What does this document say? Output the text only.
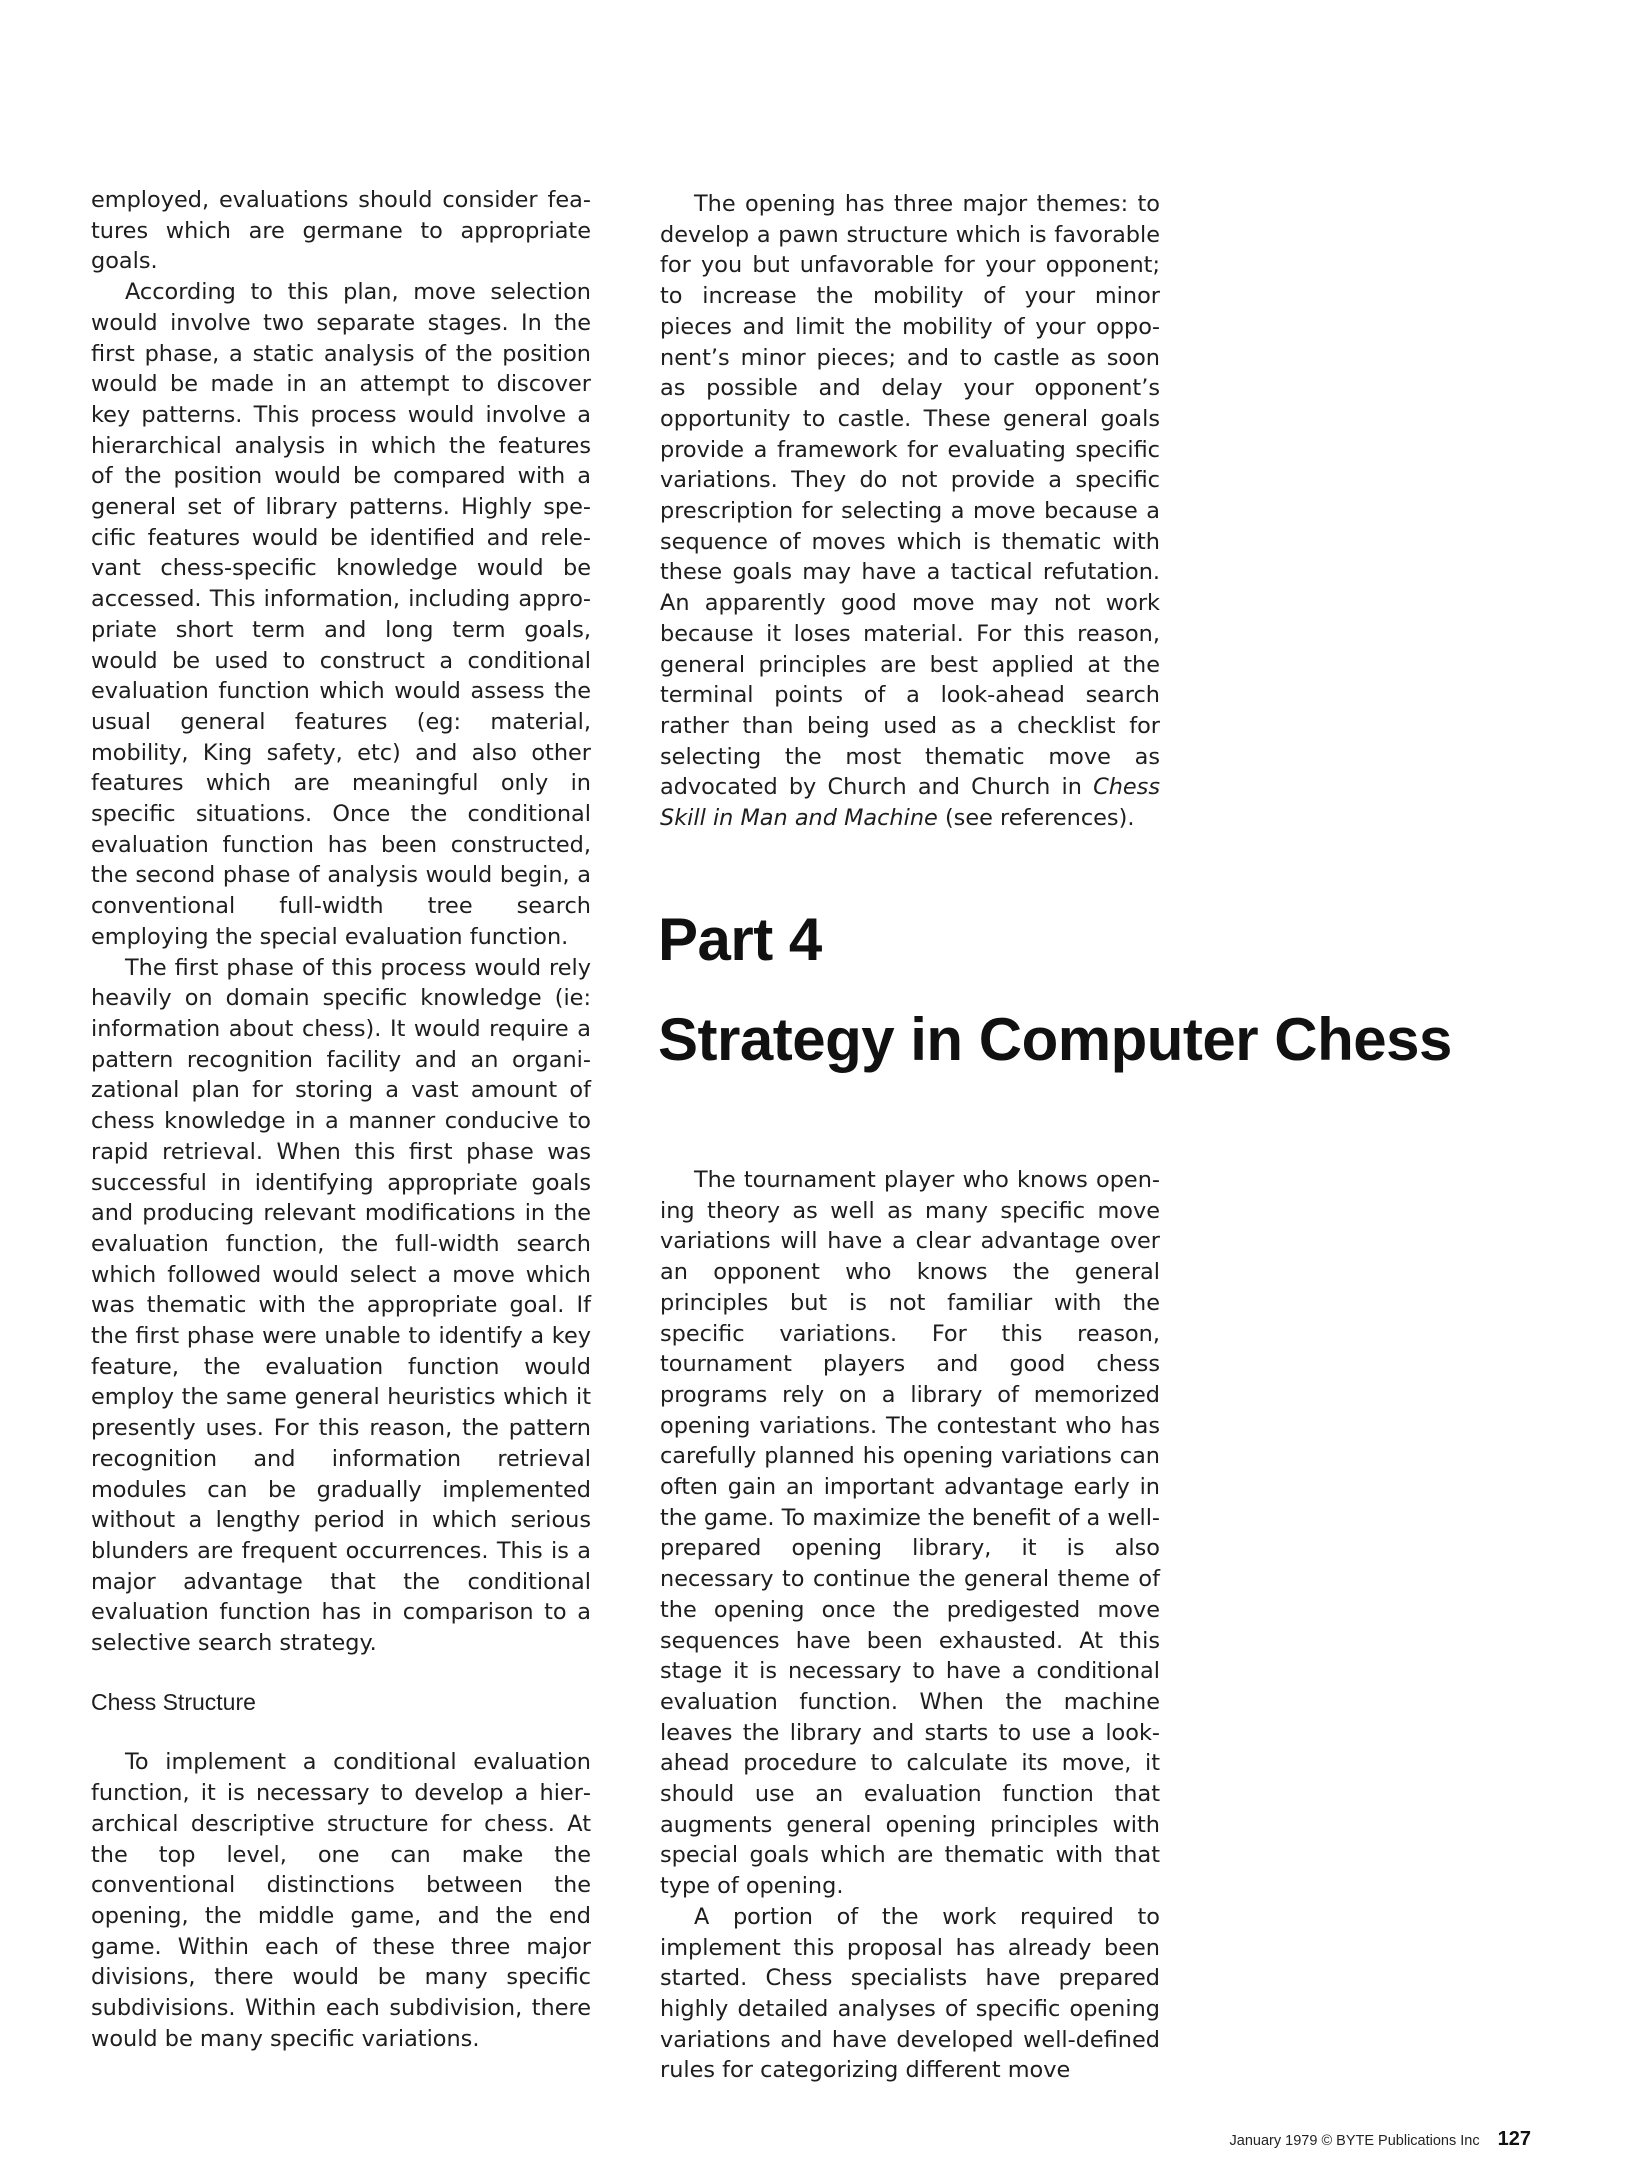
employed, evaluations should consider features which are germane to appropriate goals.

According to this plan, move selection would involve two separate stages. In the first phase, a static analysis of the position would be made in an attempt to discover key patterns. This process would involve a hierarchical analysis in which the features of the position would be compared with a general set of library patterns. Highly specific features would be identified and relevant chess-specific knowledge would be accessed. This information, including appropriate short term and long term goals, would be used to construct a conditional evaluation function which would assess the usual general features (eg: material, mobility, King safety, etc) and also other features which are meaningful only in specific situations. Once the conditional evaluation function has been constructed, the second phase of analysis would begin, a conventional full-width tree search employing the special evaluation function.

The first phase of this process would rely heavily on domain specific knowledge (ie: information about chess). It would require a pattern recognition facility and an organizational plan for storing a vast amount of chess knowledge in a manner conducive to rapid retrieval. When this first phase was successful in identifying appropriate goals and producing relevant modifications in the evaluation function, the full-width search which followed would select a move which was thematic with the appropriate goal. If the first phase were unable to identify a key feature, the evaluation function would employ the same general heuristics which it presently uses. For this reason, the pattern recognition and information retrieval modules can be gradually implemented without a lengthy period in which serious blunders are frequent occurrences. This is a major advantage that the conditional evaluation function has in comparison to a selective search strategy.

Chess Structure

To implement a conditional evaluation function, it is necessary to develop a hierarchical descriptive structure for chess. At the top level, one can make the conventional distinctions between the opening, the middle game, and the end game. Within each of these three major divisions, there would be many specific subdivisions. Within each subdivision, there would be many specific variations.

The opening has three major themes: to develop a pawn structure which is favorable for you but unfavorable for your opponent; to increase the mobility of your minor pieces and limit the mobility of your opponent’s minor pieces; and to castle as soon as possible and delay your opponent’s opportunity to castle. These general goals provide a framework for evaluating specific variations. They do not provide a specific prescription for selecting a move because a sequence of moves which is thematic with these goals may have a tactical refutation. An apparently good move may not work because it loses material. For this reason, general principles are best applied at the terminal points of a look-ahead search rather than being used as a checklist for selecting the most thematic move as advocated by Church and Church in Chess Skill in Man and Machine (see references).

Part 4
Strategy in Computer Chess

The tournament player who knows opening theory as well as many specific move variations will have a clear advantage over an opponent who knows the general principles but is not familiar with the specific variations. For this reason, tournament players and good chess programs rely on a library of memorized opening variations. The contestant who has carefully planned his opening variations can often gain an important advantage early in the game. To maximize the benefit of a well-prepared opening library, it is also necessary to continue the general theme of the opening once the predigested move sequences have been exhausted. At this stage it is necessary to have a conditional evaluation function. When the machine leaves the library and starts to use a look-ahead procedure to calculate its move, it should use an evaluation function that augments general opening principles with special goals which are thematic with that type of opening.

A portion of the work required to implement this proposal has already been started. Chess specialists have prepared highly detailed analyses of specific opening variations and have developed well-defined rules for categorizing different move

January 1979 © BYTE Publications Inc 127
